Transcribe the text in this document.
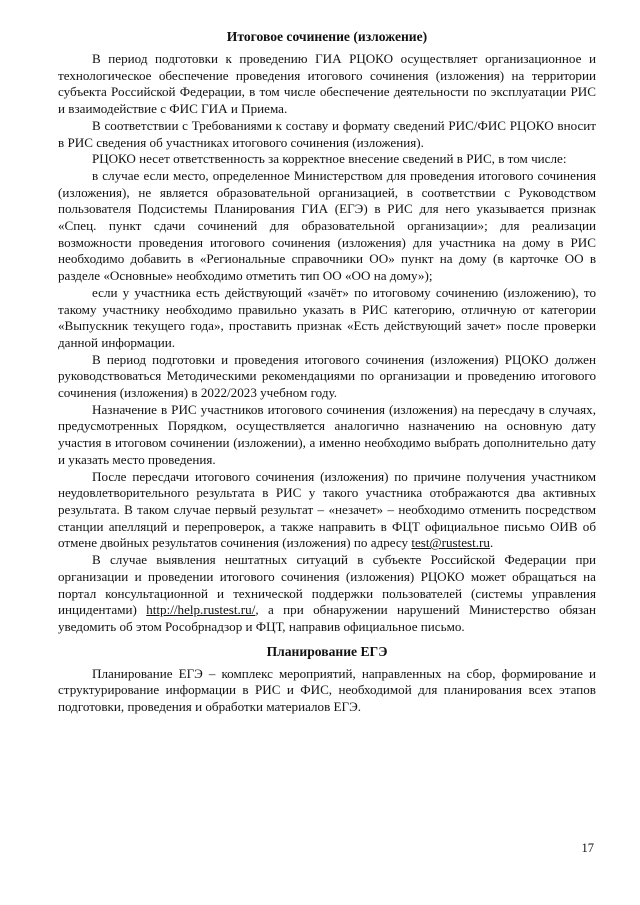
Итоговое сочинение (изложение)

В период подготовки к проведению ГИА РЦОКО осуществляет организационное и технологическое обеспечение проведения итогового сочинения (изложения) на территории субъекта Российской Федерации, в том числе обеспечение деятельности по эксплуатации РИС и взаимодействие с ФИС ГИА и Приема.

В соответствии с Требованиями к составу и формату сведений РИС/ФИС РЦОКО вносит в РИС сведения об участниках итогового сочинения (изложения).

РЦОКО несет ответственность за корректное внесение сведений в РИС, в том числе:

в случае если место, определенное Министерством для проведения итогового сочинения (изложения), не является образовательной организацией, в соответствии с Руководством пользователя Подсистемы Планирования ГИА (ЕГЭ) в РИС для него указывается признак «Спец. пункт сдачи сочинений для образовательной организации»; для реализации возможности проведения итогового сочинения (изложения) для участника на дому в РИС необходимо добавить в «Региональные справочники ОО» пункт на дому (в карточке ОО в разделе «Основные» необходимо отметить тип ОО «ОО на дому»);

если у участника есть действующий «зачёт» по итоговому сочинению (изложению), то такому участнику необходимо правильно указать в РИС категорию, отличную от категории «Выпускник текущего года», проставить признак «Есть действующий зачет» после проверки данной информации.

В период подготовки и проведения итогового сочинения (изложения) РЦОКО должен руководствоваться Методическими рекомендациями по организации и проведению итогового сочинения (изложения) в 2022/2023 учебном году.

Назначение в РИС участников итогового сочинения (изложения) на пересдачу в случаях, предусмотренных Порядком, осуществляется аналогично назначению на основную дату участия в итоговом сочинении (изложении), а именно необходимо выбрать дополнительно дату и указать место проведения.

После пересдачи итогового сочинения (изложения) по причине получения участником неудовлетворительного результата в РИС у такого участника отображаются два активных результата. В таком случае первый результат – «незачет» – необходимо отменить посредством станции апелляций и перепроверок, а также направить в ФЦТ официальное письмо ОИВ об отмене двойных результатов сочинения (изложения) по адресу test@rustest.ru.

В случае выявления нештатных ситуаций в субъекте Российской Федерации при организации и проведении итогового сочинения (изложения) РЦОКО может обращаться на портал консультационной и технической поддержки пользователей (системы управления инцидентами) http://help.rustest.ru/, а при обнаружении нарушений Министерство обязан уведомить об этом Рособрнадзор и ФЦТ, направив официальное письмо.

Планирование ЕГЭ

Планирование ЕГЭ – комплекс мероприятий, направленных на сбор, формирование и структурирование информации в РИС и ФИС, необходимой для планирования всех этапов подготовки, проведения и обработки материалов ЕГЭ.

17
